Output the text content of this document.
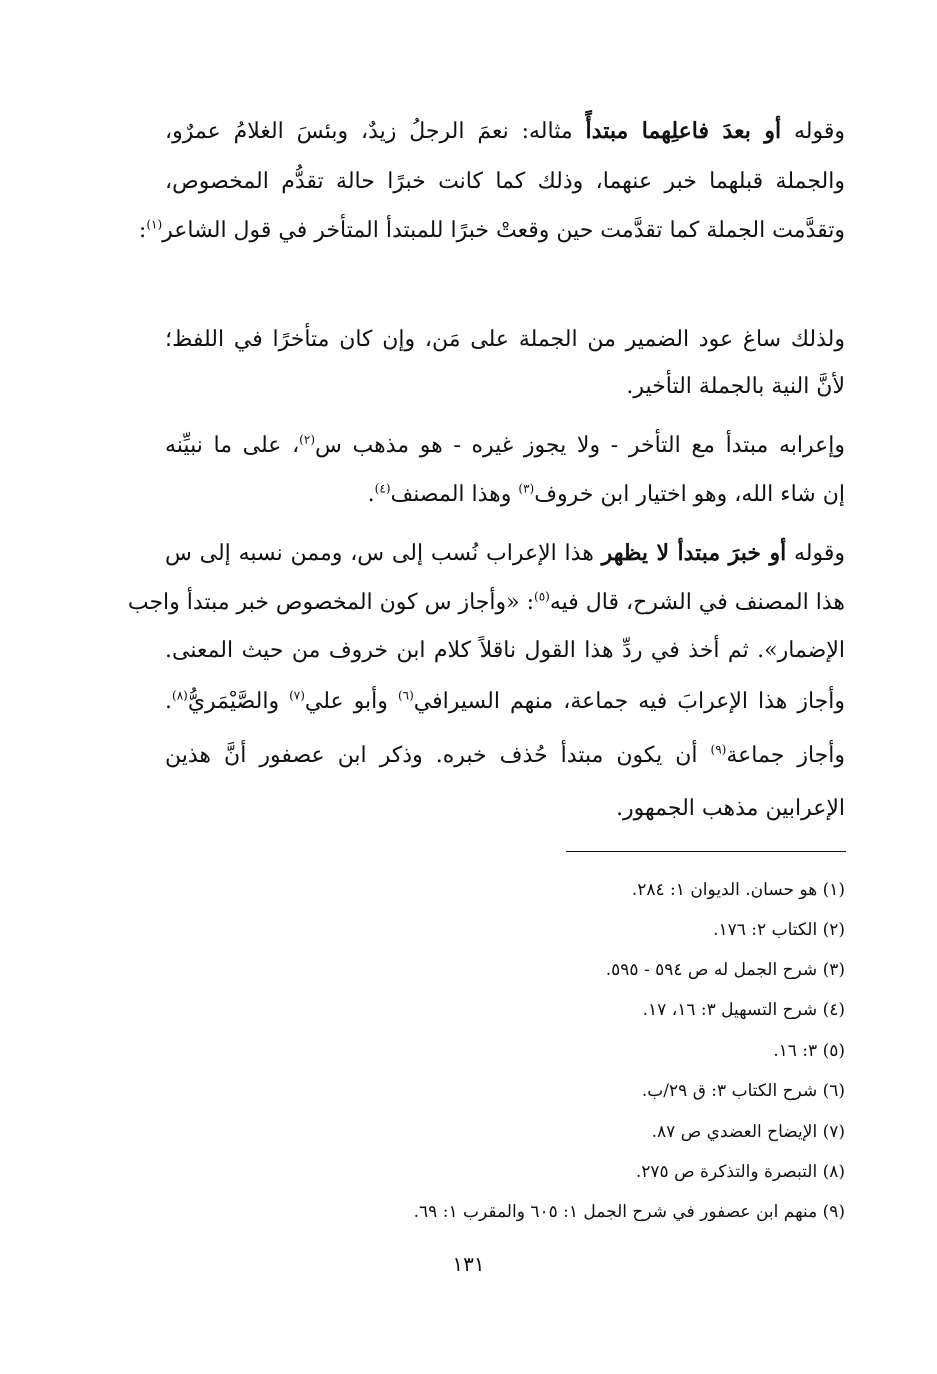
وقوله أو بعدَ فاعلِهما مبتدأً مثاله: نعمَ الرجلُ زيدٌ، وبئسَ الغلامُ عمرٌو،
والجملة قبلهما خبر عنهما، وذلك كما كانت خبرًا حالة تقدُّم المخصوص،
وتقدَّمت الجملة كما تقدَّمت حين وقعتْ خبرًا للمبتدأ المتأخر في قول الشاعر$^{(١)}$:
ولذلك ساغ عود الضمير من الجملة على مَن، وإن كان متأخرًا في اللفظ؛
لأنَّ النية بالجملة التأخير.
وإعرابه مبتدأ مع التأخر - ولا يجوز غيره - هو مذهب س$^{(٢)}$، على ما نبيِّنه
إن شاء الله، وهو اختيار ابن خروف$^{(٣)}$ وهذا المصنف$^{(٤)}$.
وقوله أو خبرَ مبتدأ لا يظهر هذا الإعراب نُسب إلى س، وممن نسبه إلى س
هذا المصنف في الشرح، قال فيه$^{(٥)}$: «وأجاز س كون المخصوص خبر مبتدأ واجب
الإضمار». ثم أخذ في ردِّ هذا القول ناقلاً كلام ابن خروف من حيث المعنى.
وأجاز هذا الإعرابَ فيه جماعة، منهم السيرافي$^{(٦)}$ وأبو علي$^{(٧)}$ والصَّيْمَريُّ$^{(٨)}$.
وأجاز جماعة$^{(٩)}$ أن يكون مبتدأ حُذف خبره. وذكر ابن عصفور أنَّ هذين
الإعرابين مذهب الجمهور.
(١) هو حسان. الديوان ١: ٢٨٤.
(٢) الكتاب ٢: ١٧٦.
(٣) شرح الجمل له ص ٥٩٤ - ٥٩٥.
(٤) شرح التسهيل ٣: ١٦، ١٧.
(٥) ٣: ١٦.
(٦) شرح الكتاب ٣: ق ٢٩/ب.
(٧) الإيضاح العضدي ص ٨٧.
(٨) التبصرة والتذكرة ص ٢٧٥.
(٩) منهم ابن عصفور في شرح الجمل ١: ٦٠٥ والمقرب ١: ٦٩.
١٣١
